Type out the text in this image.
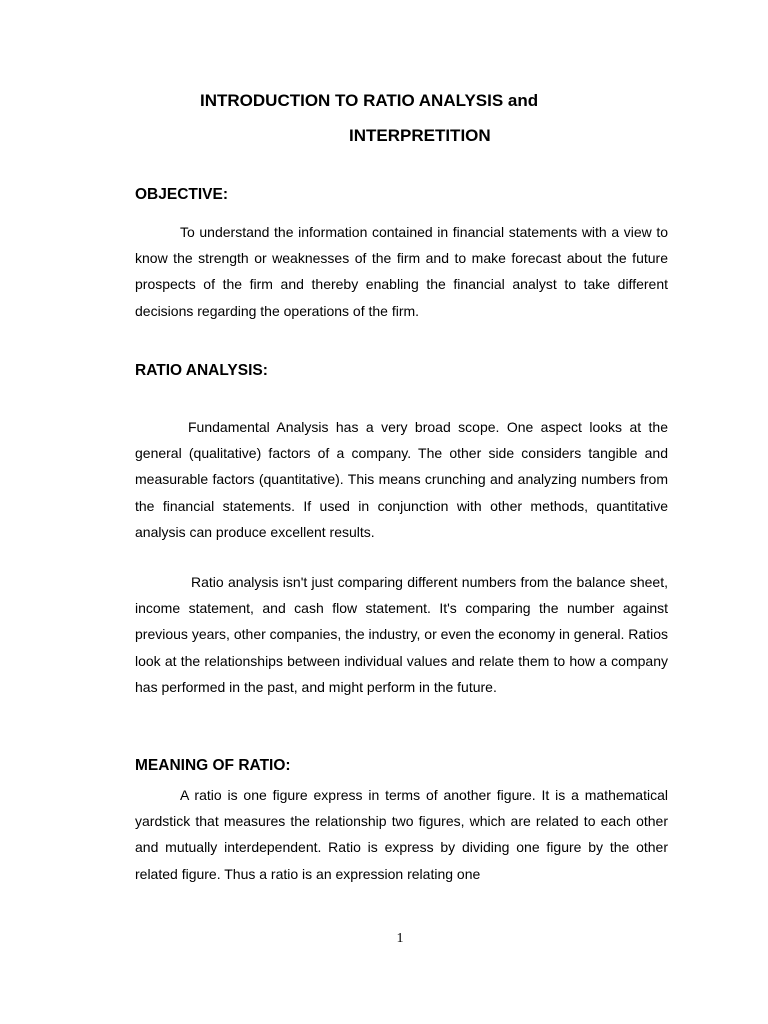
INTRODUCTION TO RATIO ANALYSIS and

INTERPRETITION

OBJECTIVE:

To understand the information contained in financial statements with a view to know the strength or weaknesses of the firm and to make forecast about the future prospects of the firm and thereby enabling the financial analyst to take different decisions regarding the operations of the firm.

RATIO ANALYSIS:

Fundamental Analysis has a very broad scope. One aspect looks at the general (qualitative) factors of a company. The other side considers tangible and measurable factors (quantitative). This means crunching and analyzing numbers from the financial statements. If used in conjunction with other methods, quantitative analysis can produce excellent results.

Ratio analysis isn't just comparing different numbers from the balance sheet, income statement, and cash flow statement. It's comparing the number against previous years, other companies, the industry, or even the economy in general. Ratios look at the relationships between individual values and relate them to how a company has performed in the past, and might perform in the future.

MEANING OF RATIO:

A ratio is one figure express in terms of another figure. It is a mathematical yardstick that measures the relationship two figures, which are related to each other and mutually interdependent. Ratio is express by dividing one figure by the other related figure. Thus a ratio is an expression relating one

1
